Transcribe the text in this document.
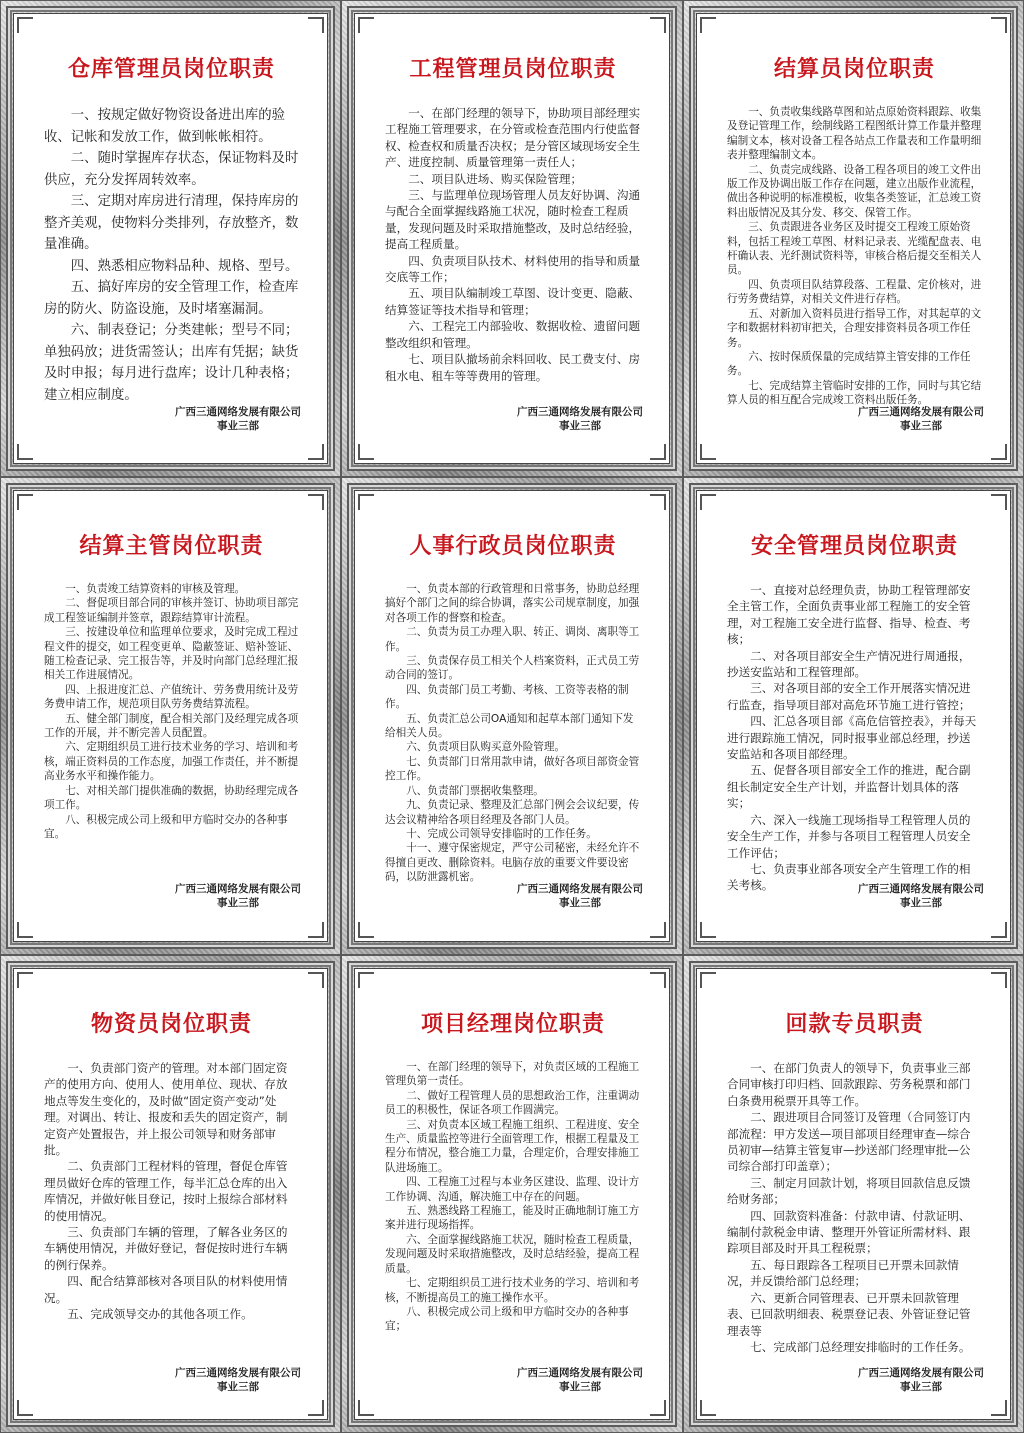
仓库管理员岗位职责

一、按规定做好物资设备进出库的验收、记帐和发放工作，做到帐帐相符。

二、随时掌握库存状态，保证物料及时供应，充分发挥周转效率。

三、定期对库房进行清理，保持库房的整齐美观，使物料分类排列，存放整齐，数量准确。

四、熟悉相应物料品种、规格、型号。

五、搞好库房的安全管理工作，检查库房的防火、防盗设施，及时堵塞漏洞。

六、制表登记；分类建帐；型号不同；单独码放；进货需签认；出库有凭据；缺货及时申报；每月进行盘库；设计几种表格；建立相应制度。

广西三通网络发展有限公司
事业三部
工程管理员岗位职责

一、在部门经理的领导下，协助项目部经理实工程施工管理要求，在分管或检查范围内行使监督权、检查权和质量否决权；是分管区域现场安全生产、进度控制、质量管理第一责任人；

二、项目队进场、购买保险管理；

三、与监理单位现场管理人员友好协调、沟通与配合全面掌握线路施工状况，随时检查工程质量，发现问题及时采取措施整改，及时总结经验，提高工程质量。

四、负责项目队技术、材料使用的指导和质量交底等工作；

五、项目队编制竣工草图、设计变更、隐蔽、结算签证等技术指导和管理；

六、工程完工内部验收、数据收检、遗留问题整改组织和管理。

七、项目队撤场前余料回收、民工费支付、房租水电、租车等等费用的管理。

广西三通网络发展有限公司
事业三部
结算员岗位职责

一、负责收集线路草图和站点原始资料跟踪、收集及登记管理工作，绘制线路工程图纸计算工作量并整理编制文本，核对设备工程各站点工作量表和工作量明细表并整理编制文本。

二、负责完成线路、设备工程各项目的竣工文件出版工作及协调出版工作存在问题，建立出版作业流程，做出各种说明的标准模板，收集各类签证，汇总竣工资料出版情况及其分发、移交、保管工作。

三、负责跟进各业务区及时提交工程竣工原始资料，包括工程竣工草图、材料记录表、光缆配盘表、电杆确认表、光纤测试资料等，审核合格后提交至相关人员。

四、负责项目队结算段落、工程量、定价核对，进行劳务费结算，对相关文件进行存档。

五、对新加入资料员进行指导工作，对其起草的文字和数据材料初审把关，合理安排资料员各项工作任务。

六、按时保质保量的完成结算主管安排的工作任务。

七、完成结算主管临时安排的工作，同时与其它结算人员的相互配合完成竣工资料出版任务。

广西三通网络发展有限公司
事业三部
结算主管岗位职责

一、负责竣工结算资料的审核及管理。

二、督促项目部合同的审核并签订、协助项目部完成工程签证编制并签章，跟踪结算审计流程。

三、按建设单位和监理单位要求，及时完成工程过程文件的提交，如工程变更单、隐蔽签证、赔补签证、随工检查记录、完工报告等，并及时向部门总经理汇报相关工作进展情况。

四、上报进度汇总、产值统计、劳务费用统计及劳务费申请工作，规范项目队劳务费结算流程。

五、健全部门制度，配合相关部门及经理完成各项工作的开展，并不断完善人员配置。

六、定期组织员工进行技术业务的学习、培训和考核，端正资料员的工作态度，加强工作责任，并不断提高业务水平和操作能力。

七、对相关部门提供准确的数据，协助经理完成各项工作。

八、积极完成公司上级和甲方临时交办的各种事宜。

广西三通网络发展有限公司
事业三部
人事行政员岗位职责

一、负责本部的行政管理和日常事务，协助总经理搞好个部门之间的综合协调，落实公司规章制度，加强对各项工作的督察和检查。

二、负责为员工办理入职、转正、调岗、离职等工作。

三、负责保存员工相关个人档案资料，正式员工劳动合同的签订。

四、负责部门员工考勤、考核、工资等表格的制作。

五、负责汇总公司OA通知和起草本部门通知下发给相关人员。

六、负责项目队购买意外险管理。

七、负责部门日常用款申请，做好各项目部资金管控工作。

八、负责部门票据收集整理。

九、负责记录、整理及汇总部门例会会议纪要，传达会议精神给各项目经理及各部门人员。

十、完成公司领导安排临时的工作任务。

十一、遵守保密规定，严守公司秘密，未经允许不得擅自更改、删除资料。电脑存放的重要文件要设密码，以防泄露机密。

广西三通网络发展有限公司
事业三部
安全管理员岗位职责

一、直接对总经理负责，协助工程管理部安全主管工作，全面负责事业部工程施工的安全管理，对工程施工安全进行监督、指导、检查、考核；

二、对各项目部安全生产情况进行周通报，抄送安监站和工程管理部。

三、对各项目部的安全工作开展落实情况进行监查，指导项目部对高危环节施工进行管控；

四、汇总各项目部《高危信管控表》，并每天进行跟踪施工情况，同时报事业部总经理，抄送安监站和各项目部经理。

五、促督各项目部安全工作的推进，配合副组长制定安全生产计划，并监督计划具体的落实；

六、深入一线施工现场指导工程管理人员的安全生产工作，并参与各项目工程管理人员安全工作评估；

七、负责事业部各项安全产生管理工作的相关考核。	广西三通网络发展有限公司
事业三部
物资员岗位职责

一、负责部门资产的管理。对本部门固定资产的使用方向、使用人、使用单位、现状、存放地点等发生变化的，及时做“固定资产变动”处理。对调出、转让、报废和丢失的固定资产，制定资产处置报告，并上报公司领导和财务部审批。

二、负责部门工程材料的管理，督促仓库管理员做好仓库的管理工作，每半汇总仓库的出入库情况，并做好帐目登记，按时上报综合部材料的使用情况。

三、负责部门车辆的管理，了解各业务区的车辆使用情况，并做好登记，督促按时进行车辆的例行保养。

四、配合结算部核对各项目队的材料使用情况。

五、完成领导交办的其他各项工作。

广西三通网络发展有限公司
事业三部
项目经理岗位职责

一、在部门经理的领导下，对负责区域的工程施工管理负第一责任。

二、做好工程管理人员的思想政治工作，注重调动员工的积极性，保证各项工作圆满完。

三、对负责本区域工程施工组织、工程进度、安全生产、质量监控等进行全面管理工作，根据工程量及工程分布情况，整合施工力量，合理定价，合理安排施工队进场施工。

四、工程施工过程与本业务区建设、监理、设计方工作协调、沟通，解决施工中存在的问题。

五、熟悉线路工程施工，能及时正确地制订施工方案并进行现场指挥。

六、全面掌握线路施工状况，随时检查工程质量，发现问题及时采取措施整改，及时总结经验，提高工程质量。

七、定期组织员工进行技术业务的学习、培训和考核，不断提高员工的施工操作水平。

八、积极完成公司上级和甲方临时交办的各种事宜；

广西三通网络发展有限公司
事业三部
回款专员职责

一、在部门负责人的领导下，负责事业三部合同审核打印归档、回款跟踪、劳务税票和部门白条费用税票开具等工作。

二、跟进项目合同签订及管理（合同签订内部流程：甲方发送—项目部项目经理审查—综合员初审—结算主管复审—抄送部门经理审批—公司综合部打印盖章）；

三、制定月回款计划，将项目回款信息反馈给财务部；

四、回款资料准备：付款申请、付款证明、编制付款税金申请、整理开外管证所需材料、跟踪项目部及时开具工程税票；

五、每日跟踪各工程项目已开票未回款情况，并反馈给部门总经理；

六、更新合同管理表、已开票未回款管理表、已回款明细表、税票登记表、外管证登记管理表等

七、完成部门总经理安排临时的工作任务。

广西三通网络发展有限公司
事业三部
